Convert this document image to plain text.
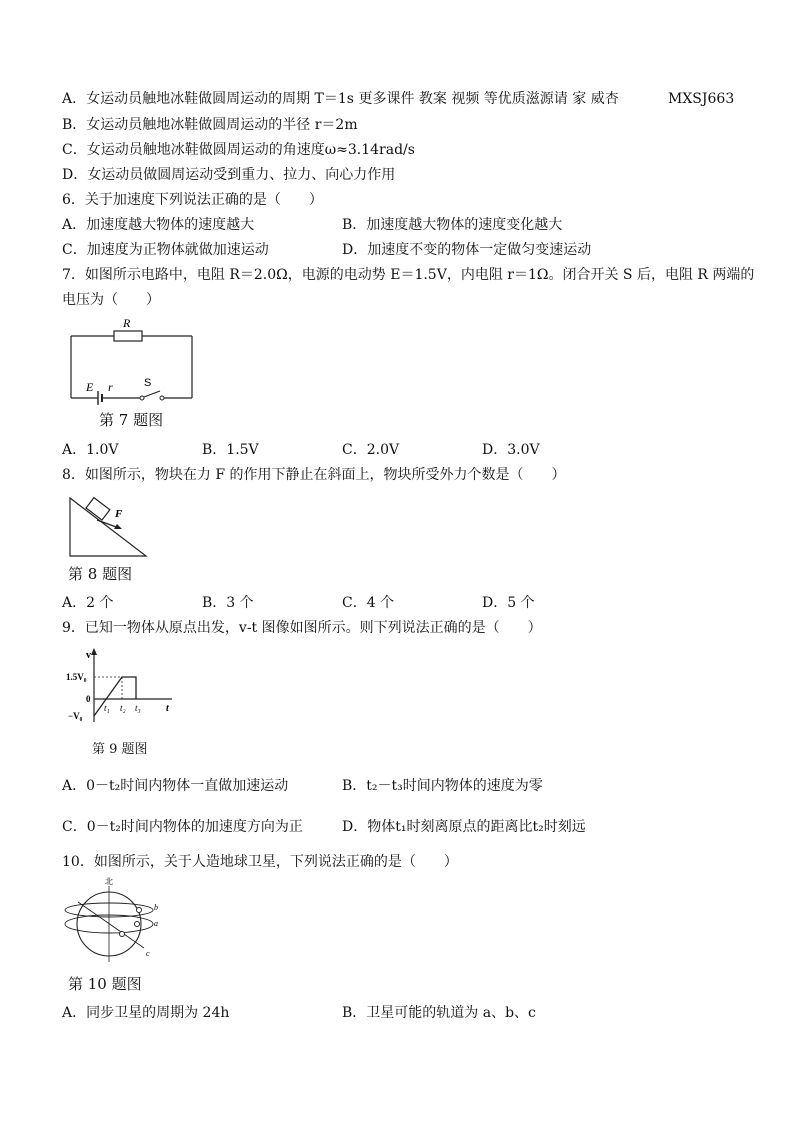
A．女运动员触地冰鞋做圆周运动的周期 T＝1s 更多课件 教案 视频 等优质滋源请 家 威杏	MXSJ663
B．女运动员触地冰鞋做圆周运动的半径 r＝2m
C．女运动员触地冰鞋做圆周运动的角速度ω≈3.14rad/s
D．女运动员做圆周运动受到重力、拉力、向心力作用
6．关于加速度下列说法正确的是（　　）
A．加速度越大物体的速度越大	B．加速度越大物体的速度变化越大
C．加速度为正物体就做加速运动	D．加速度不变的物体一定做匀变速运动
7．如图所示电路中，电阻 R＝2.0Ω，电源的电动势 E＝1.5V，内电阻 r＝1Ω。闭合开关 S 后，电阻 R 两端的
电压为（　　）
R
E r	S
第 7 题图
A．1.0V	B．1.5V	C．2.0V	D．3.0V
8．如图所示，物块在力 F 的作用下静止在斜面上，物块所受外力个数是（　　）
F
第 8 题图
A．2 个	B．3 个	C．4 个	D．5 个
9．已知一物体从原点出发，v-t 图像如图所示。则下列说法正确的是（　　）
v
1.5V₀
0
−V₀
t₁ t₂ t₃	t
第 9 题图
A．0－t₂时间内物体一直做加速运动	B．t₂－t₃时间内物体的速度为零
C．0－t₂时间内物体的加速度方向为正	D．物体t₁时刻离原点的距离比t₂时刻远
10．如图所示，关于人造地球卫星，下列说法正确的是（　　）
北
a
b
c
第 10 题图
A．同步卫星的周期为 24h	B．卫星可能的轨道为 a、b、c
